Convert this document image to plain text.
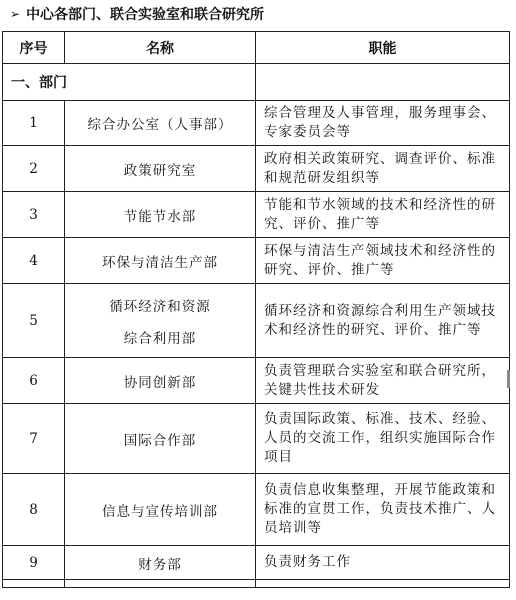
➢ 中心各部门、联合实验室和联合研究所
序号	名称	职能
一、部门		
1	综合办公室（人事部）	综合管理及人事管理，服务理事会、专家委员会等
2	政策研究室	政府相关政策研究、调查评价、标准和规范研发组织等
3	节能节水部	节能和节水领域的技术和经济性的研究、评价、推广等
4	环保与清洁生产部	环保与清洁生产领域技术和经济性的研究、评价、推广等
5	循环经济和资源
综合利用部	循环经济和资源综合利用生产领域技术和经济性的研究、评价、推广等
6	协同创新部	负责管理联合实验室和联合研究所，关键共性技术研发
7	国际合作部	负责国际政策、标准、技术、经验、人员的交流工作，组织实施国际合作项目
8	信息与宣传培训部	负责信息收集整理，开展节能政策和标准的宣贯工作，负责技术推广、人员培训等
9	财务部	负责财务工作
